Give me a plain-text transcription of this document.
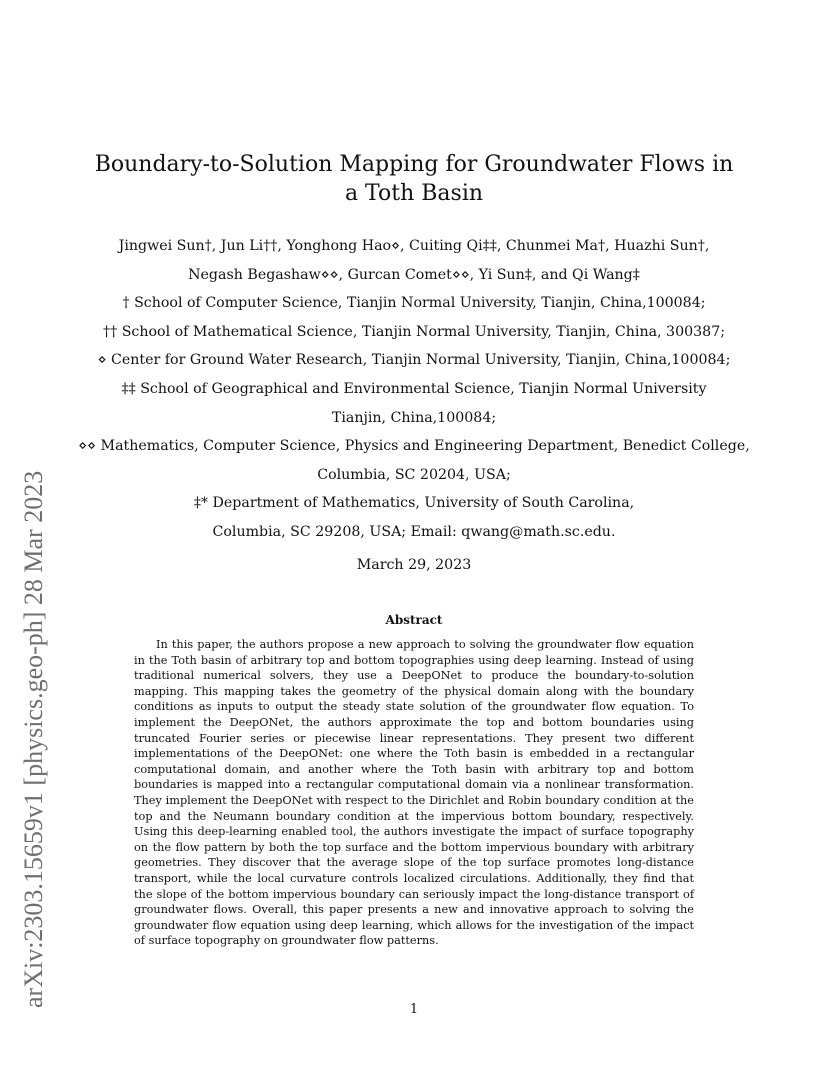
arXiv:2303.15659v1 [physics.geo-ph] 28 Mar 2023
Boundary-to-Solution Mapping for Groundwater Flows in a Toth Basin
Jingwei Sun†, Jun Li††, Yonghong Hao⋄, Cuiting Qi‡‡, Chunmei Ma†, Huazhi Sun†,
Negash Begashaw⋄⋄, Gurcan Comet⋄⋄, Yi Sun‡, and Qi Wang‡
† School of Computer Science, Tianjin Normal University, Tianjin, China,100084;
†† School of Mathematical Science, Tianjin Normal University, Tianjin, China, 300387;
⋄ Center for Ground Water Research, Tianjin Normal University, Tianjin, China,100084;
‡‡ School of Geographical and Environmental Science, Tianjin Normal University
Tianjin, China,100084;
⋄⋄ Mathematics, Computer Science, Physics and Engineering Department, Benedict College,
Columbia, SC 20204, USA;
‡* Department of Mathematics, University of South Carolina,
Columbia, SC 29208, USA; Email: qwang@math.sc.edu.
March 29, 2023
Abstract

In this paper, the authors propose a new approach to solving the groundwater flow equation in the Toth basin of arbitrary top and bottom topographies using deep learning. Instead of using traditional numerical solvers, they use a DeepONet to produce the boundary-to-solution mapping. This mapping takes the geometry of the physical domain along with the boundary conditions as inputs to output the steady state solution of the groundwater flow equation. To implement the DeepONet, the authors approximate the top and bottom boundaries using truncated Fourier series or piecewise linear representations. They present two different implementations of the DeepONet: one where the Toth basin is embedded in a rectangular computational domain, and another where the Toth basin with arbitrary top and bottom boundaries is mapped into a rectangular computational domain via a nonlinear transformation. They implement the DeepONet with respect to the Dirichlet and Robin boundary condition at the top and the Neumann boundary condition at the impervious bottom boundary, respectively. Using this deep-learning enabled tool, the authors investigate the impact of surface topography on the flow pattern by both the top surface and the bottom impervious boundary with arbitrary geometries. They discover that the average slope of the top surface promotes long-distance transport, while the local curvature controls localized circulations. Additionally, they find that the slope of the bottom impervious boundary can seriously impact the long-distance transport of groundwater flows. Overall, this paper presents a new and innovative approach to solving the groundwater flow equation using deep learning, which allows for the investigation of the impact of surface topography on groundwater flow patterns.

1
